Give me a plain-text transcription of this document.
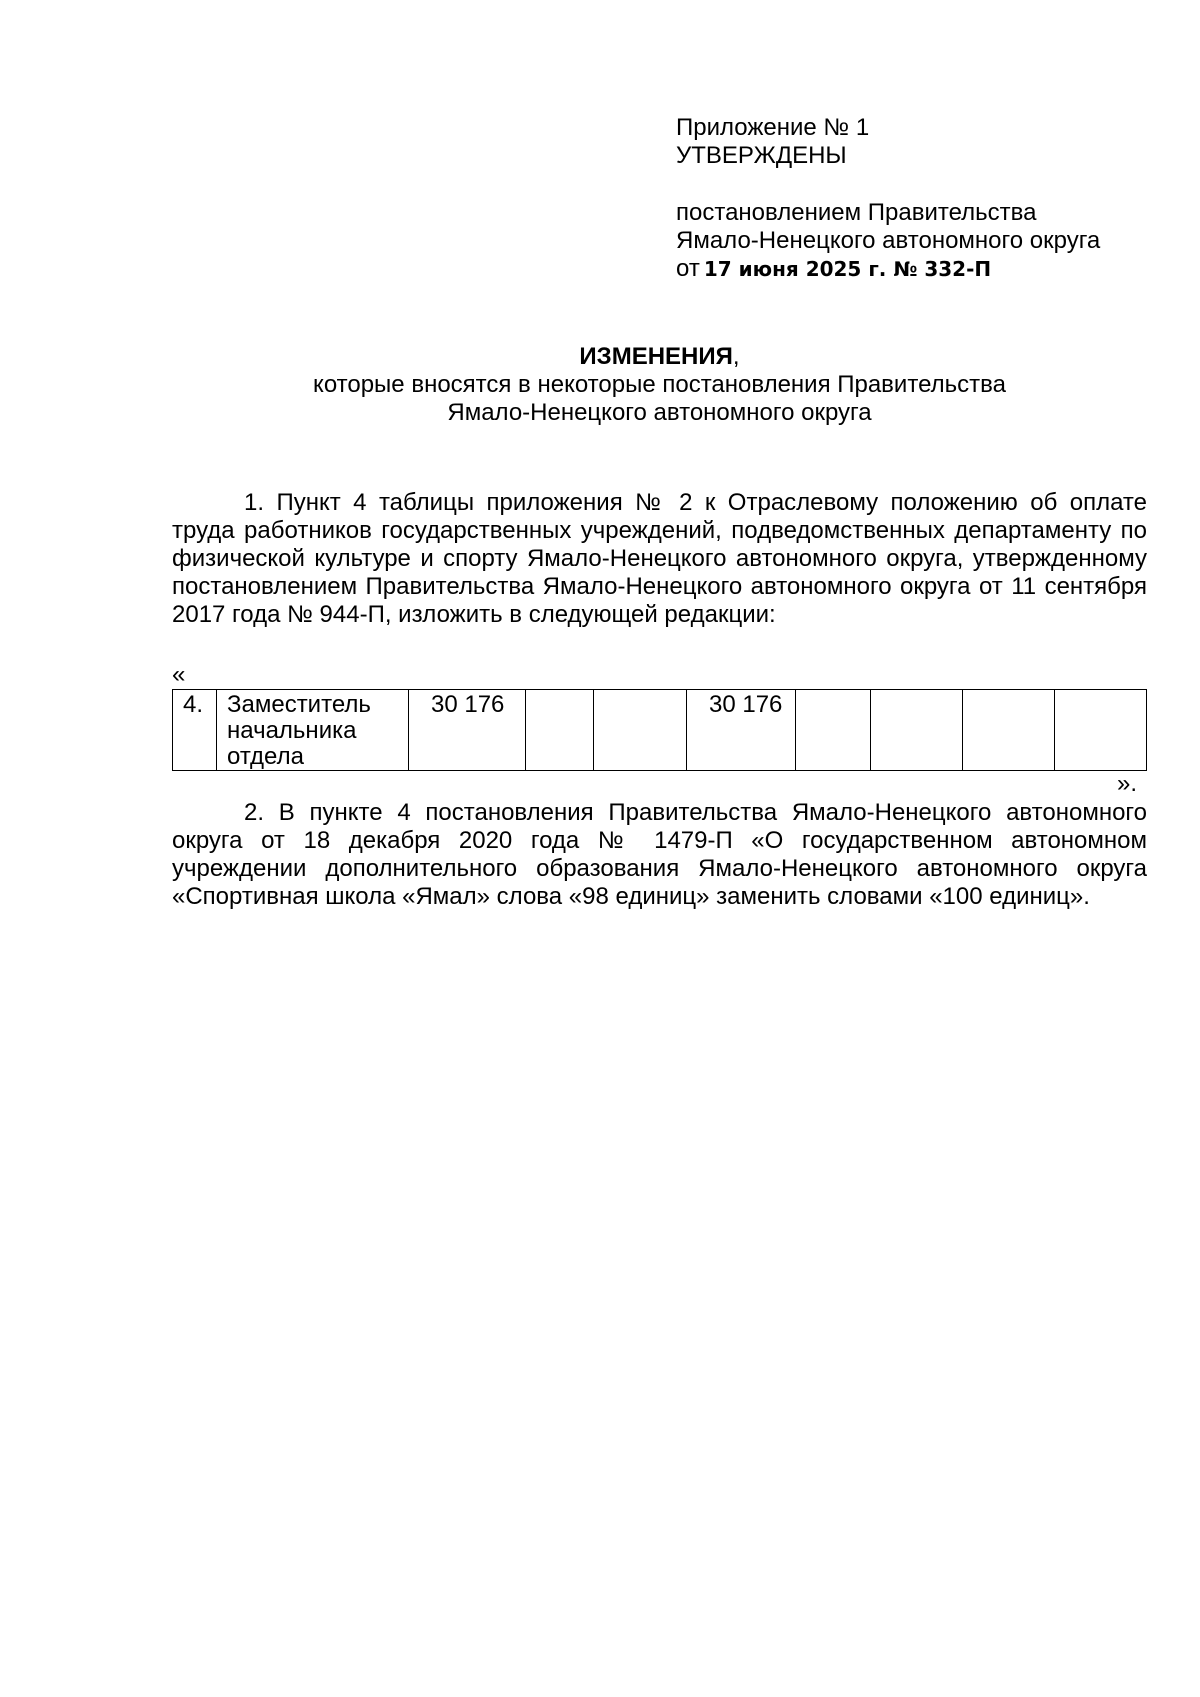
Приложение № 1
УТВЕРЖДЕНЫ
постановлением Правительства
Ямало-Ненецкого автономного округа
от 17 июня 2025 г. № 332-П
ИЗМЕНЕНИЯ,
которые вносятся в некоторые постановления Правительства
Ямало-Ненецкого автономного округа
1. Пункт 4 таблицы приложения № 2 к Отраслевому положению об оплате труда работников государственных учреждений, подведомственных департаменту по физической культуре и спорту Ямало-Ненецкого автономного округа, утвержденному постановлением Правительства Ямало-Ненецкого автономного округа от 11 сентября 2017 года № 944-П, изложить в следующей редакции:
«
4.	Заместитель начальника отдела	30 176			30 176				
».
2. В пункте 4 постановления Правительства Ямало-Ненецкого автономного округа от 18 декабря 2020 года № 1479-П «О государственном автономном учреждении дополнительного образования Ямало-Ненецкого автономного округа «Спортивная школа «Ямал» слова «98 единиц» заменить словами «100 единиц».
